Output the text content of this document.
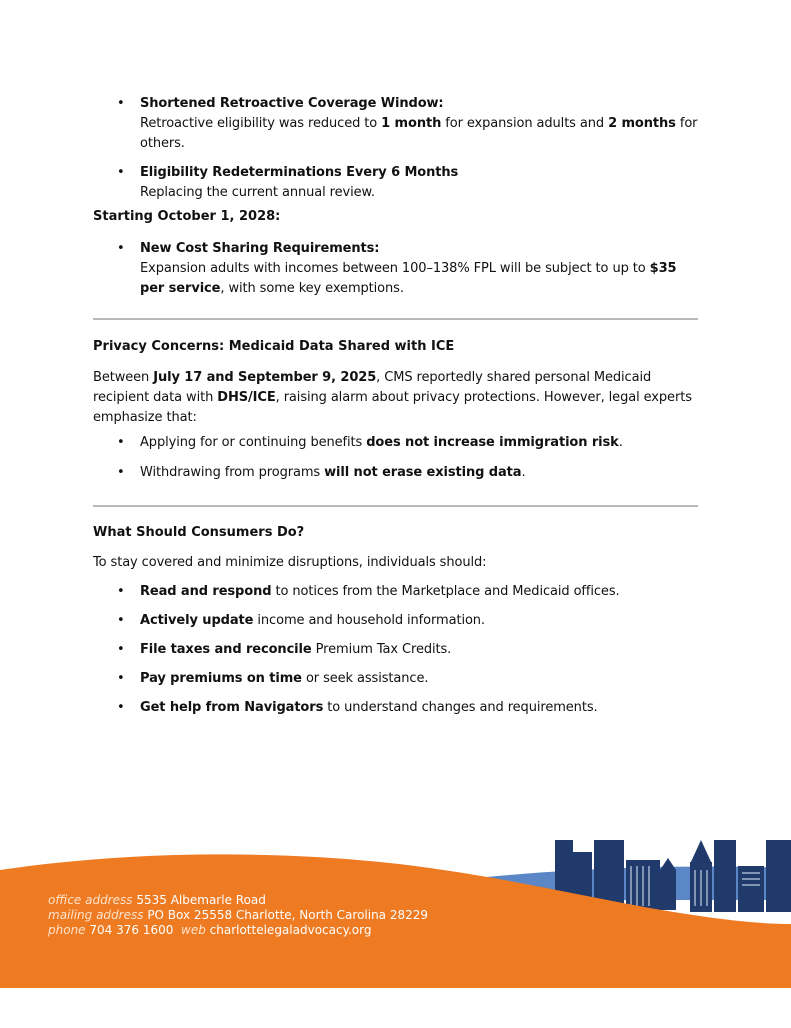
• Shortened Retroactive Coverage Window:
Retroactive eligibility was reduced to 1 month for expansion adults and 2 months for others.
• Eligibility Redeterminations Every 6 Months
Replacing the current annual review.
Starting October 1, 2028:
• New Cost Sharing Requirements:
Expansion adults with incomes between 100–138% FPL will be subject to up to $35 per service, with some key exemptions.
Privacy Concerns: Medicaid Data Shared with ICE
Between July 17 and September 9, 2025, CMS reportedly shared personal Medicaid recipient data with DHS/ICE, raising alarm about privacy protections. However, legal experts emphasize that:
• Applying for or continuing benefits does not increase immigration risk.
• Withdrawing from programs will not erase existing data.
What Should Consumers Do?
To stay covered and minimize disruptions, individuals should:
• Read and respond to notices from the Marketplace and Medicaid offices.
• Actively update income and household information.
• File taxes and reconcile Premium Tax Credits.
• Pay premiums on time or seek assistance.
• Get help from Navigators to understand changes and requirements.
office address 5535 Albemarle Road
mailing address PO Box 25558 Charlotte, North Carolina 28229
phone 704 376 1600 web charlottelegaladvocacy.org
